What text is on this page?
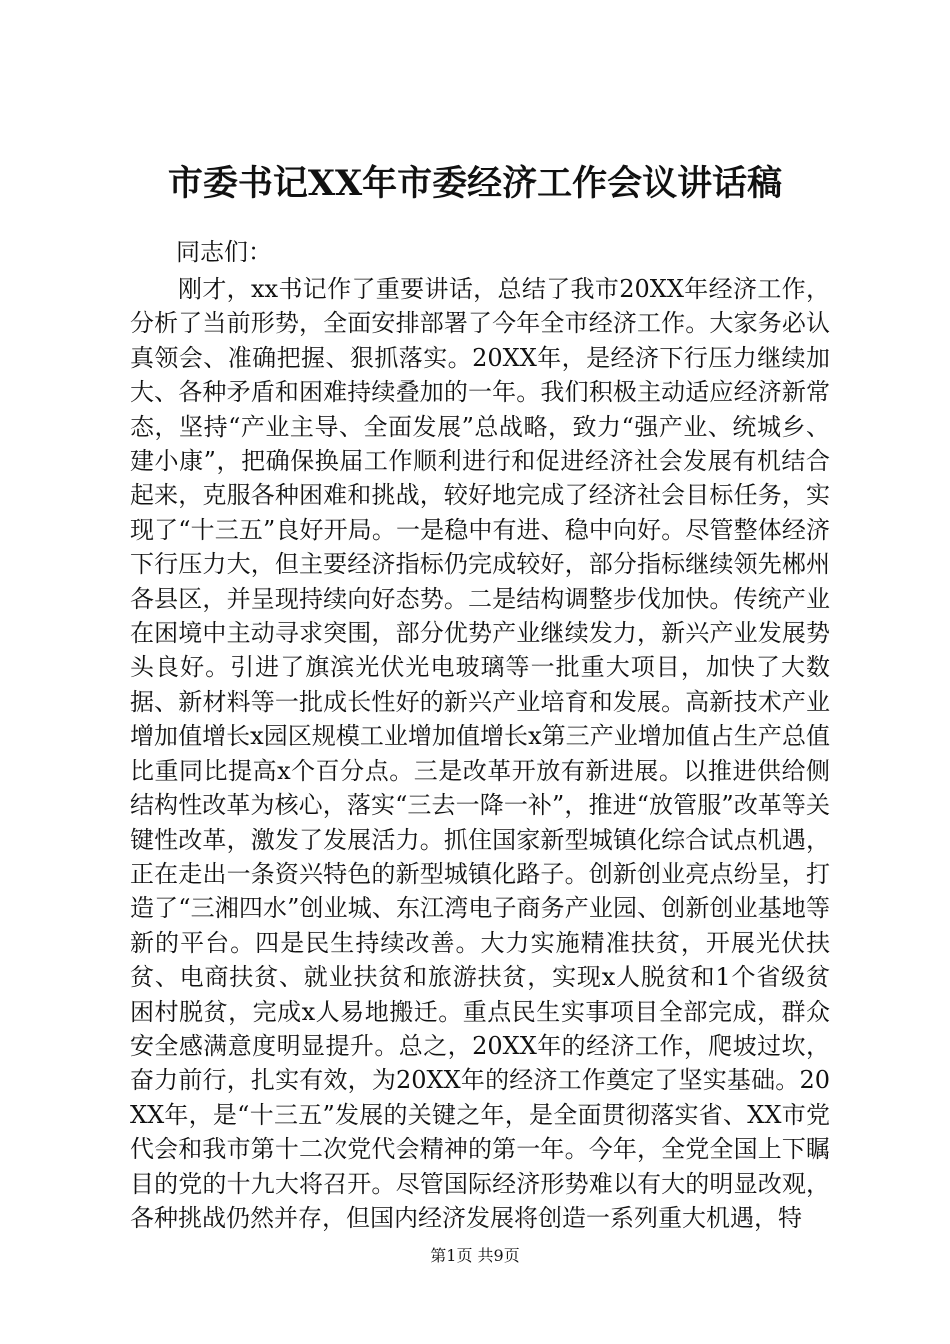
市委书记XX年市委经济工作会议讲话稿

同志们：

刚才，xx书记作了重要讲话，总结了我市20XX年经济工作，分析了当前形势，全面安排部署了今年全市经济工作。大家务必认真领会、准确把握、狠抓落实。20XX年，是经济下行压力继续加大、各种矛盾和困难持续叠加的一年。我们积极主动适应经济新常态，坚持“产业主导、全面发展”总战略，致力“强产业、统城乡、建小康”，把确保换届工作顺利进行和促进经济社会发展有机结合起来，克服各种困难和挑战，较好地完成了经济社会目标任务，实现了“十三五”良好开局。一是稳中有进、稳中向好。尽管整体经济下行压力大，但主要经济指标仍完成较好，部分指标继续领先郴州各县区，并呈现持续向好态势。二是结构调整步伐加快。传统产业在困境中主动寻求突围，部分优势产业继续发力，新兴产业发展势头良好。引进了旗滨光伏光电玻璃等一批重大项目，加快了大数据、新材料等一批成长性好的新兴产业培育和发展。高新技术产业增加值增长x园区规模工业增加值增长x第三产业增加值占生产总值比重同比提高x个百分点。三是改革开放有新进展。以推进供给侧结构性改革为核心，落实“三去一降一补”，推进“放管服”改革等关键性改革，激发了发展活力。抓住国家新型城镇化综合试点机遇，正在走出一条资兴特色的新型城镇化路子。创新创业亮点纷呈，打造了“三湘四水”创业城、东江湾电子商务产业园、创新创业基地等新的平台。四是民生持续改善。大力实施精准扶贫，开展光伏扶贫、电商扶贫、就业扶贫和旅游扶贫，实现x人脱贫和1个省级贫困村脱贫，完成x人易地搬迁。重点民生实事项目全部完成，群众安全感满意度明显提升。总之，20XX年的经济工作，爬坡过坎，奋力前行，扎实有效，为20XX年的经济工作奠定了坚实基础。20XX年，是“十三五”发展的关键之年，是全面贯彻落实省、XX市党代会和我市第十二次党代会精神的第一年。今年，全党全国上下瞩目的党的十九大将召开。尽管国际经济形势难以有大的明显改观，各种挑战仍然并存，但国内经济发展将创造一系列重大机遇，特

第1页 共9页
